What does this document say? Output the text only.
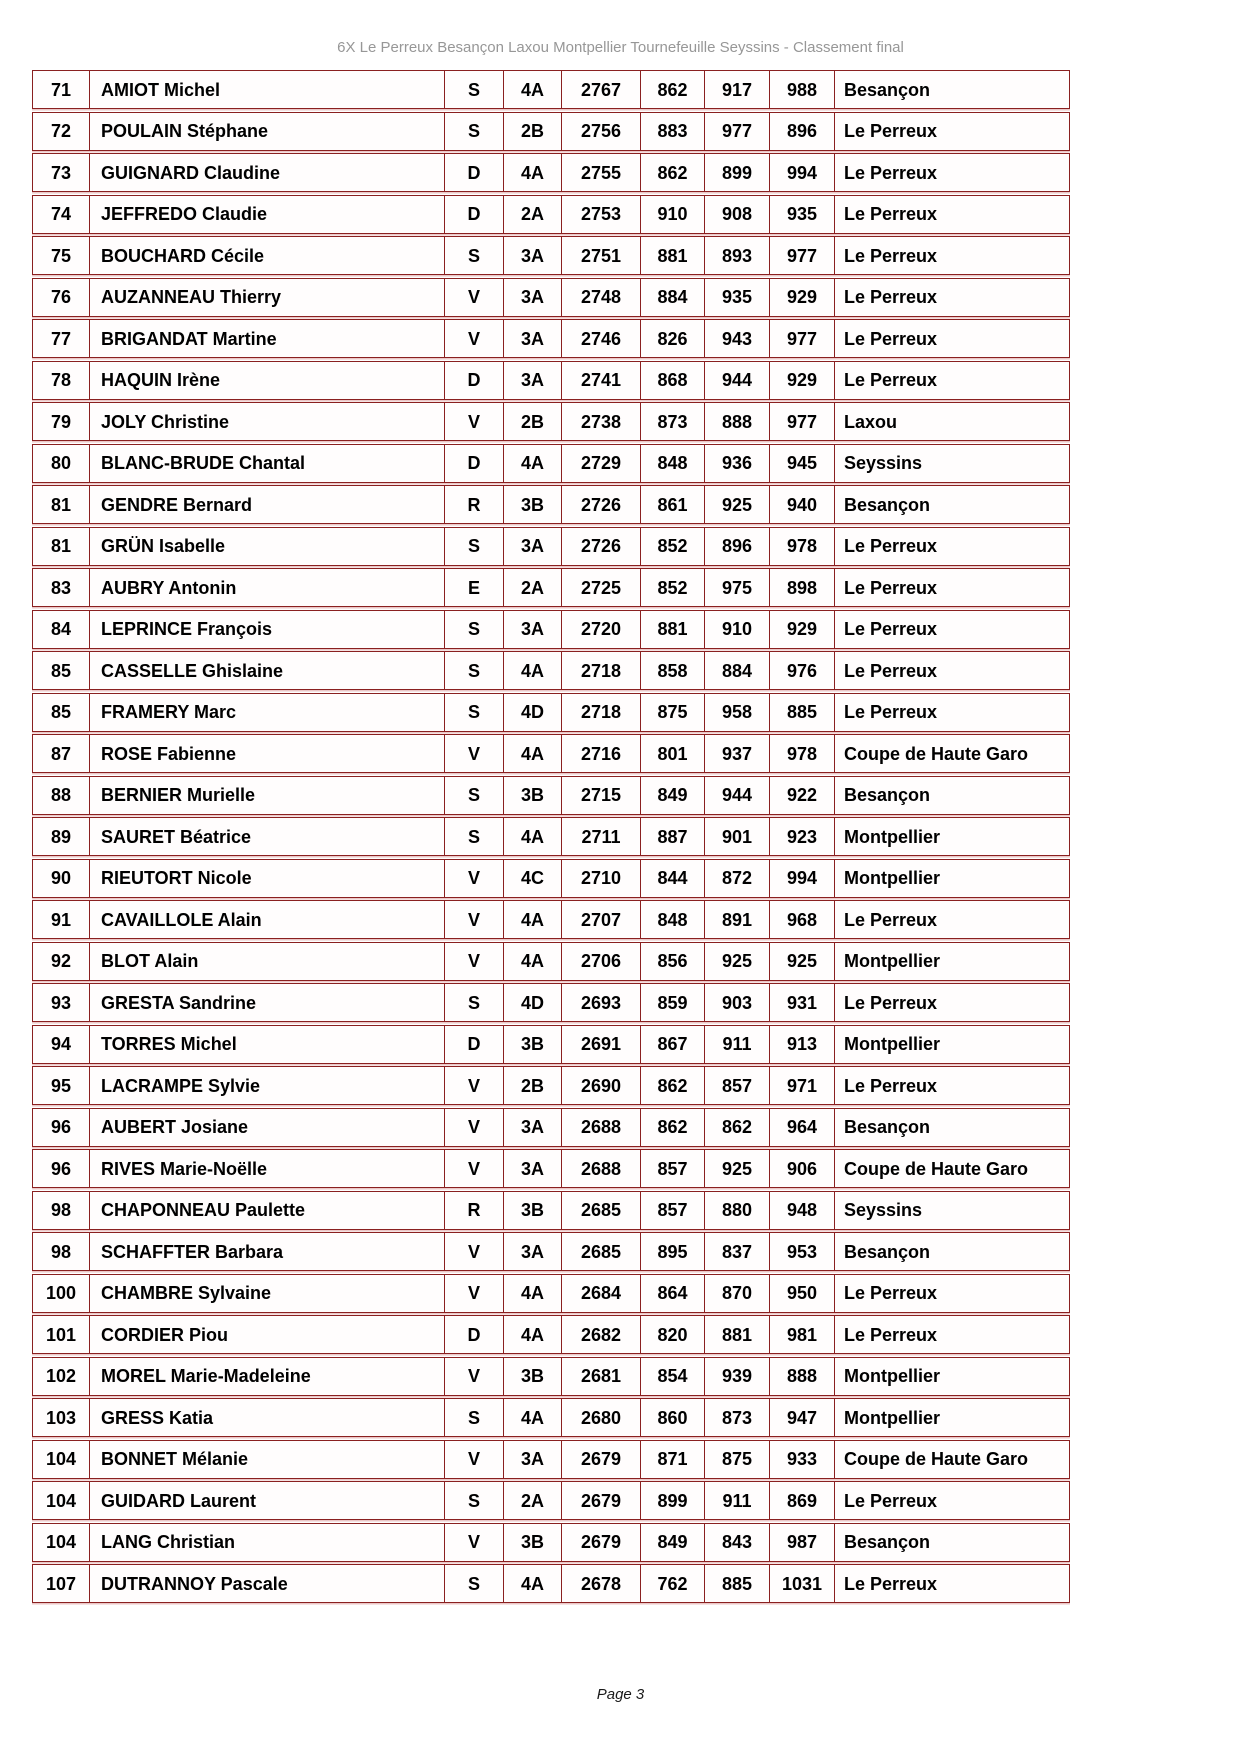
6X Le Perreux Besançon Laxou Montpellier Tournefeuille Seyssins - Classement final
71	AMIOT Michel	S	4A	2767	862	917	988	Besançon
72	POULAIN Stéphane	S	2B	2756	883	977	896	Le Perreux
73	GUIGNARD Claudine	D	4A	2755	862	899	994	Le Perreux
74	JEFFREDO Claudie	D	2A	2753	910	908	935	Le Perreux
75	BOUCHARD Cécile	S	3A	2751	881	893	977	Le Perreux
76	AUZANNEAU Thierry	V	3A	2748	884	935	929	Le Perreux
77	BRIGANDAT Martine	V	3A	2746	826	943	977	Le Perreux
78	HAQUIN Irène	D	3A	2741	868	944	929	Le Perreux
79	JOLY Christine	V	2B	2738	873	888	977	Laxou
80	BLANC-BRUDE Chantal	D	4A	2729	848	936	945	Seyssins
81	GENDRE Bernard	R	3B	2726	861	925	940	Besançon
81	GRÜN Isabelle	S	3A	2726	852	896	978	Le Perreux
83	AUBRY Antonin	E	2A	2725	852	975	898	Le Perreux
84	LEPRINCE François	S	3A	2720	881	910	929	Le Perreux
85	CASSELLE Ghislaine	S	4A	2718	858	884	976	Le Perreux
85	FRAMERY Marc	S	4D	2718	875	958	885	Le Perreux
87	ROSE Fabienne	V	4A	2716	801	937	978	Coupe de Haute Garo
88	BERNIER Murielle	S	3B	2715	849	944	922	Besançon
89	SAURET Béatrice	S	4A	2711	887	901	923	Montpellier
90	RIEUTORT Nicole	V	4C	2710	844	872	994	Montpellier
91	CAVAILLOLE Alain	V	4A	2707	848	891	968	Le Perreux
92	BLOT Alain	V	4A	2706	856	925	925	Montpellier
93	GRESTA Sandrine	S	4D	2693	859	903	931	Le Perreux
94	TORRES Michel	D	3B	2691	867	911	913	Montpellier
95	LACRAMPE Sylvie	V	2B	2690	862	857	971	Le Perreux
96	AUBERT Josiane	V	3A	2688	862	862	964	Besançon
96	RIVES Marie-Noëlle	V	3A	2688	857	925	906	Coupe de Haute Garo
98	CHAPONNEAU Paulette	R	3B	2685	857	880	948	Seyssins
98	SCHAFFTER Barbara	V	3A	2685	895	837	953	Besançon
100	CHAMBRE Sylvaine	V	4A	2684	864	870	950	Le Perreux
101	CORDIER Piou	D	4A	2682	820	881	981	Le Perreux
102	MOREL Marie-Madeleine	V	3B	2681	854	939	888	Montpellier
103	GRESS Katia	S	4A	2680	860	873	947	Montpellier
104	BONNET Mélanie	V	3A	2679	871	875	933	Coupe de Haute Garo
104	GUIDARD Laurent	S	2A	2679	899	911	869	Le Perreux
104	LANG Christian	V	3B	2679	849	843	987	Besançon
107	DUTRANNOY Pascale	S	4A	2678	762	885	1031	Le Perreux
Page 3
